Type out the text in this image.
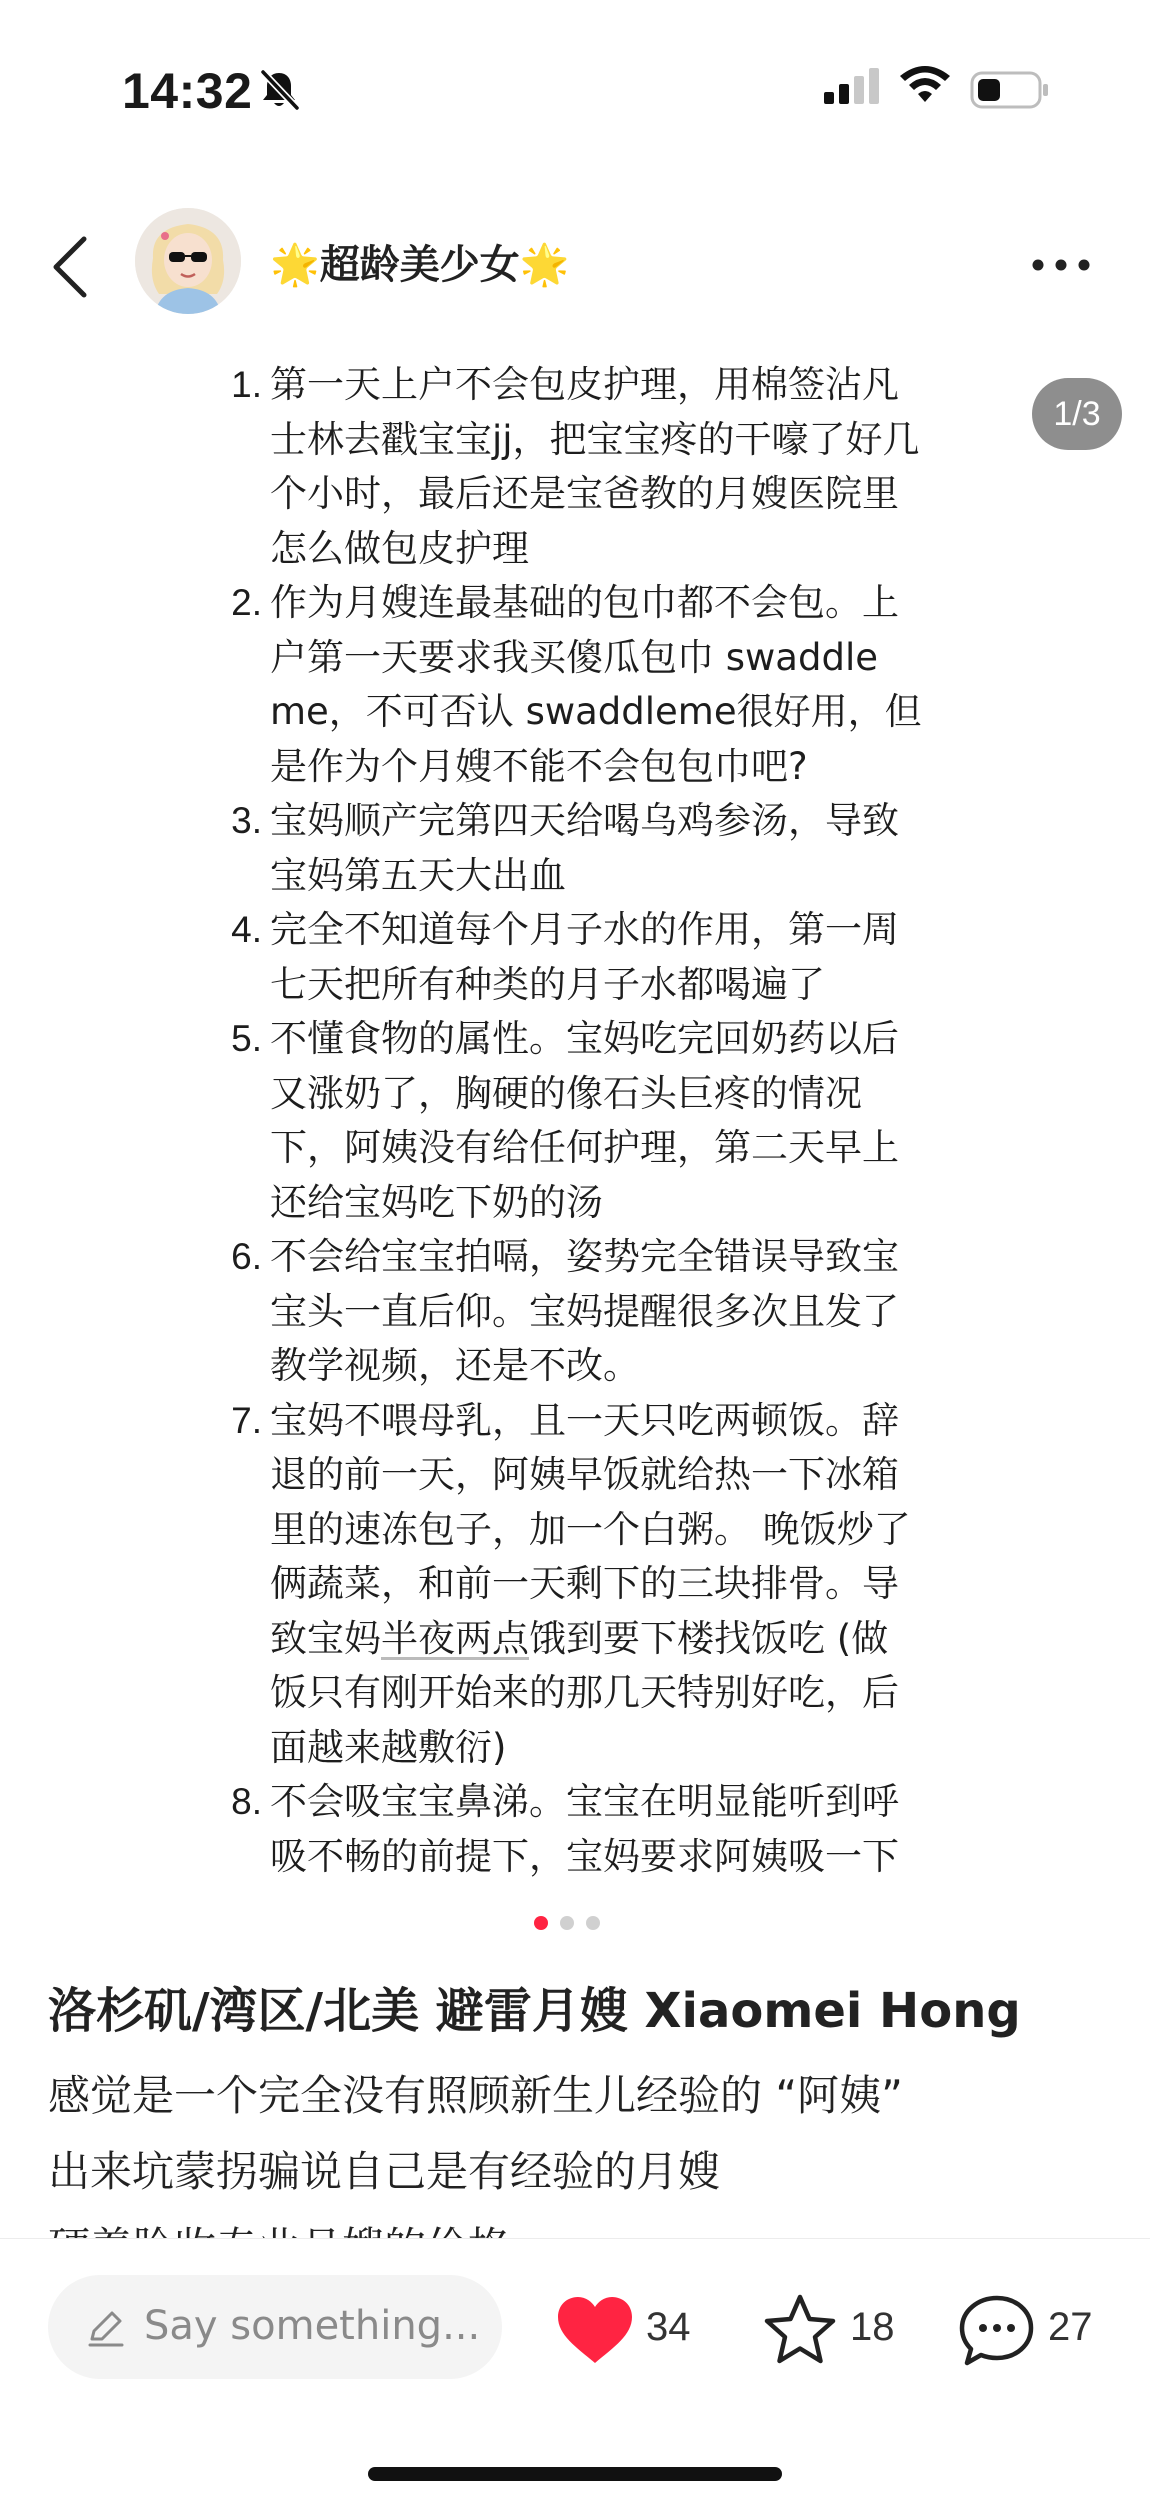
14:32
🌟超龄美少女🌟
1/3
1. 第一天上户不会包皮护理，用棉签沾凡
士林去戳宝宝jj，把宝宝疼的干嚎了好几
个小时，最后还是宝爸教的月嫂医院里
怎么做包皮护理
2. 作为月嫂连最基础的包巾都不会包。上
户第一天要求我买傻瓜包巾 swaddle
me，不可否认 swaddleme很好用，但
是作为个月嫂不能不会包包巾吧?
3. 宝妈顺产完第四天给喝乌鸡参汤，导致
宝妈第五天大出血
4. 完全不知道每个月子水的作用，第一周
七天把所有种类的月子水都喝遍了
5. 不懂食物的属性。宝妈吃完回奶药以后
又涨奶了，胸硬的像石头巨疼的情况
下，阿姨没有给任何护理，第二天早上
还给宝妈吃下奶的汤
6. 不会给宝宝拍嗝，姿势完全错误导致宝
宝头一直后仰。宝妈提醒很多次且发了
教学视频，还是不改。
7. 宝妈不喂母乳，且一天只吃两顿饭。辞
退的前一天，阿姨早饭就给热一下冰箱
里的速冻包子，加一个白粥。 晚饭炒了
俩蔬菜，和前一天剩下的三块排骨。导
致宝妈半夜两点饿到要下楼找饭吃 (做
饭只有刚开始来的那几天特别好吃，后
面越来越敷衍)
8. 不会吸宝宝鼻涕。宝宝在明显能听到呼
吸不畅的前提下，宝妈要求阿姨吸一下
洛杉矶/湾区/北美 避雷月嫂 Xiaomei Hong

感觉是一个完全没有照顾新生儿经验的 “阿姨”

出来坑蒙拐骗说自己是有经验的月嫂

Say something...	34	18	27
